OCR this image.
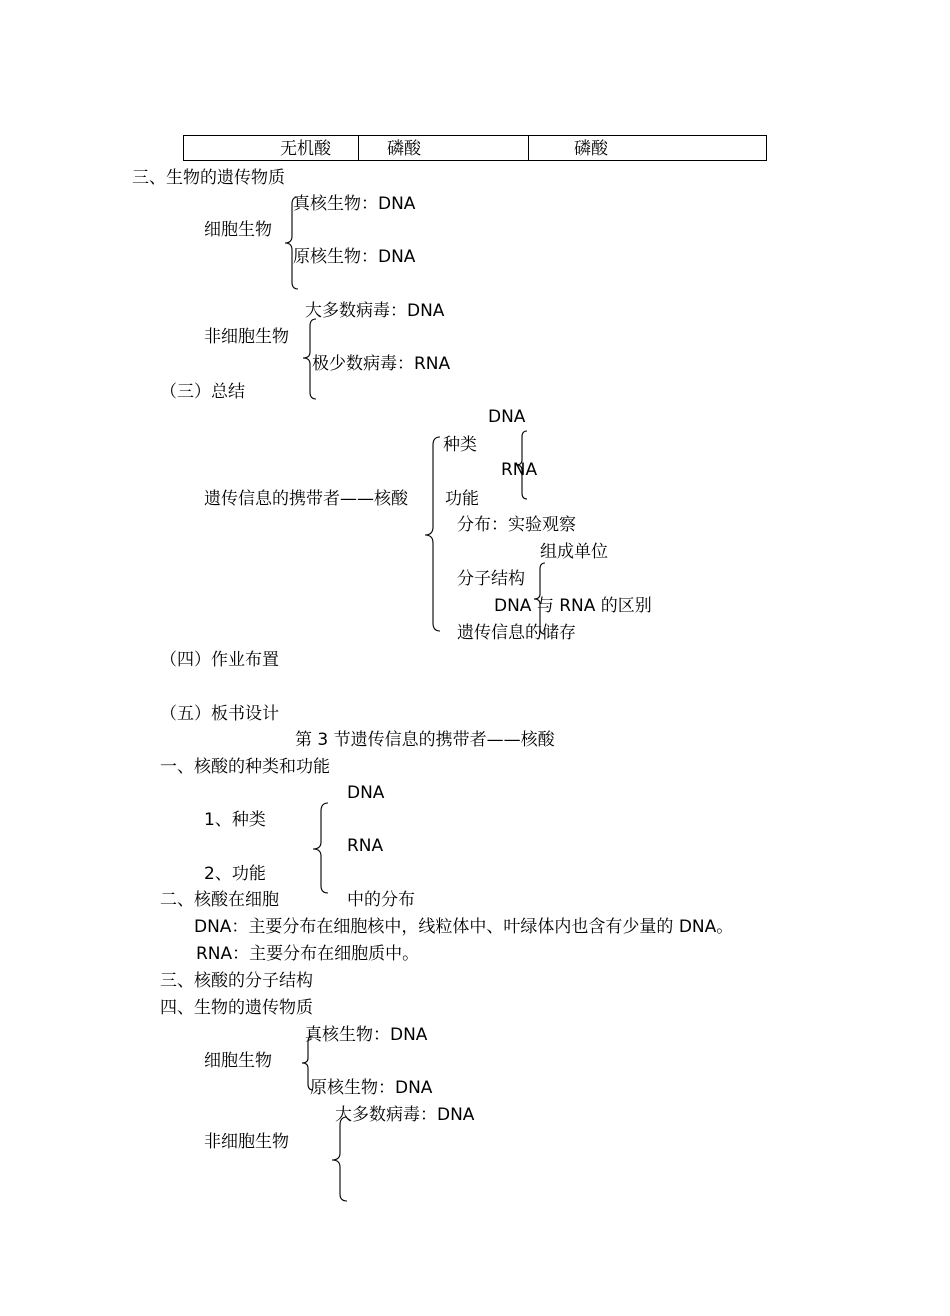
无机酸	磷酸	磷酸
三、生物的遗传物质
细胞生物
真核生物：DNA
原核生物：DNA
非细胞生物
大多数病毒：DNA
极少数病毒：RNA
（三）总结
遗传信息的携带者——核酸
种类
DNA
RNA
功能
分布：实验观察
组成单位
分子结构
DNA 与 RNA 的区别
遗传信息的储存
（四）作业布置
（五）板书设计
第 3 节遗传信息的携带者——核酸
一、核酸的种类和功能
DNA
1、种类
RNA
2、功能
二、核酸在细胞	中的分布
DNA：主要分布在细胞核中，线粒体中、叶绿体内也含有少量的 DNA。
RNA：主要分布在细胞质中。
三、核酸的分子结构
四、生物的遗传物质
细胞生物
真核生物：DNA
原核生物：DNA
非细胞生物
大多数病毒：DNA
